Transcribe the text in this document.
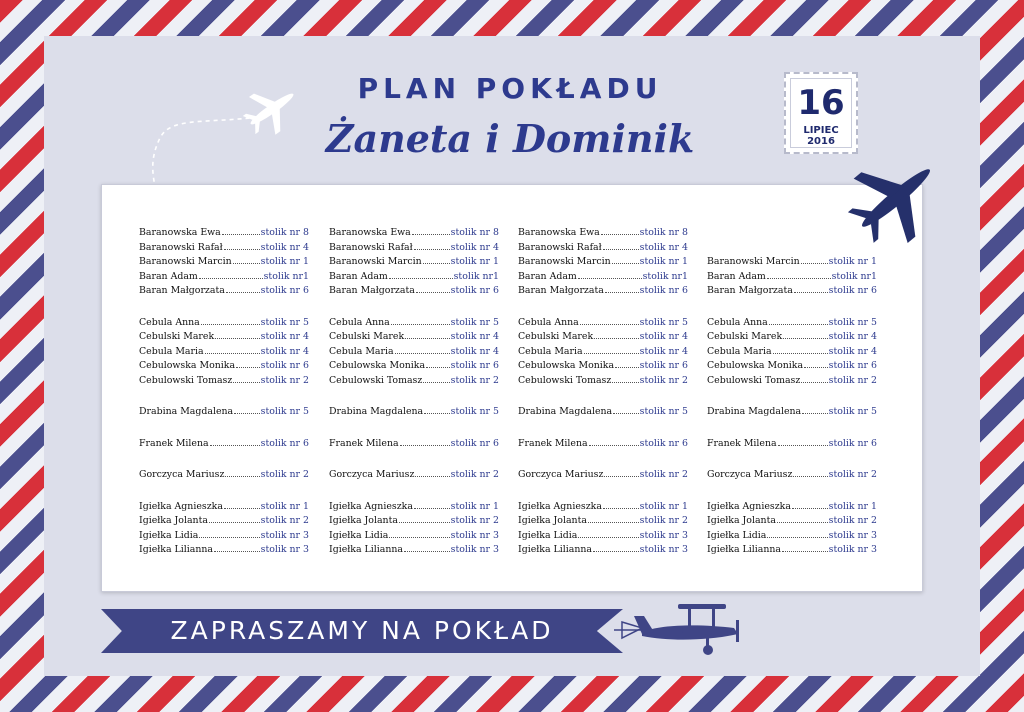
PLAN POKŁADU
Żaneta i Dominik
16
LIPIEC 2016
Baranowska Ewa	stolik nr 8
Baranowski Rafał	stolik nr 4
Baranowski Marcin	stolik nr 1
Baran Adam	stolik nr1
Baran Małgorzata	stolik nr 6
Cebula Anna	stolik nr 5
Cebulski Marek	stolik nr 4
Cebula Maria	stolik nr 4
Cebulowska Monika	stolik nr 6
Cebulowski Tomasz	stolik nr 2
Drabina Magdalena	stolik nr 5
Franek Milena	stolik nr 6
Gorczyca Mariusz	stolik nr 2
Igiełka Agnieszka	stolik nr 1
Igiełka Jolanta	stolik nr 2
Igiełka Lidia	stolik nr 3
Igiełka Lilianna	stolik nr 3
Baranowska Ewa	stolik nr 8
Baranowski Rafał	stolik nr 4
Baranowski Marcin	stolik nr 1
Baran Adam	stolik nr1
Baran Małgorzata	stolik nr 6
Cebula Anna	stolik nr 5
Cebulski Marek	stolik nr 4
Cebula Maria	stolik nr 4
Cebulowska Monika	stolik nr 6
Cebulowski Tomasz	stolik nr 2
Drabina Magdalena	stolik nr 5
Franek Milena	stolik nr 6
Gorczyca Mariusz	stolik nr 2
Igiełka Agnieszka	stolik nr 1
Igiełka Jolanta	stolik nr 2
Igiełka Lidia	stolik nr 3
Igiełka Lilianna	stolik nr 3
Baranowska Ewa	stolik nr 8
Baranowski Rafał	stolik nr 4
Baranowski Marcin	stolik nr 1
Baran Adam	stolik nr1
Baran Małgorzata	stolik nr 6
Cebula Anna	stolik nr 5
Cebulski Marek	stolik nr 4
Cebula Maria	stolik nr 4
Cebulowska Monika	stolik nr 6
Cebulowski Tomasz	stolik nr 2
Drabina Magdalena	stolik nr 5
Franek Milena	stolik nr 6
Gorczyca Mariusz	stolik nr 2
Igiełka Agnieszka	stolik nr 1
Igiełka Jolanta	stolik nr 2
Igiełka Lidia	stolik nr 3
Igiełka Lilianna	stolik nr 3
Baranowski Marcin	stolik nr 1
Baran Adam	stolik nr1
Baran Małgorzata	stolik nr 6
Cebula Anna	stolik nr 5
Cebulski Marek	stolik nr 4
Cebula Maria	stolik nr 4
Cebulowska Monika	stolik nr 6
Cebulowski Tomasz	stolik nr 2
Drabina Magdalena	stolik nr 5
Franek Milena	stolik nr 6
Gorczyca Mariusz	stolik nr 2
Igiełka Agnieszka	stolik nr 1
Igiełka Jolanta	stolik nr 2
Igiełka Lidia	stolik nr 3
Igiełka Lilianna	stolik nr 3
ZAPRASZAMY NA POKŁAD
